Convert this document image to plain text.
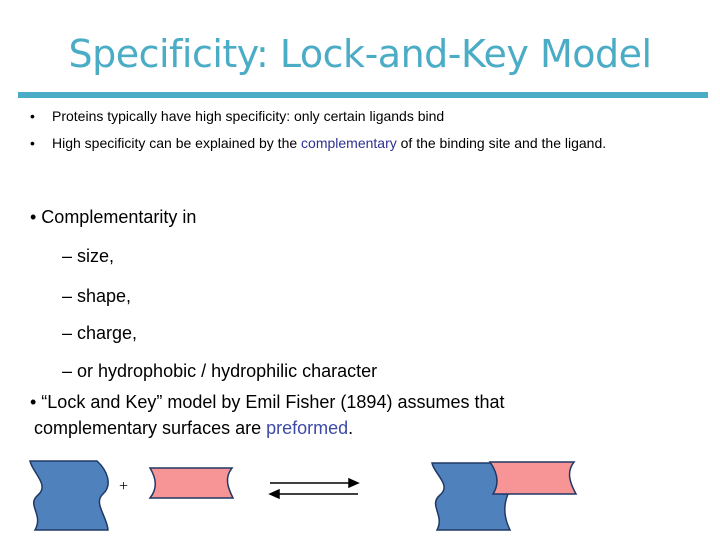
Specificity: Lock-and-Key Model
• Proteins typically have high specificity: only certain ligands bind
• High specificity can be explained by the complementary of the binding site and the ligand.
• Complementarity in
– size,
– shape,
– charge,
– or hydrophobic / hydrophilic character
• “Lock and Key” model by Emil Fisher (1894) assumes that
complementary surfaces are preformed.
+
